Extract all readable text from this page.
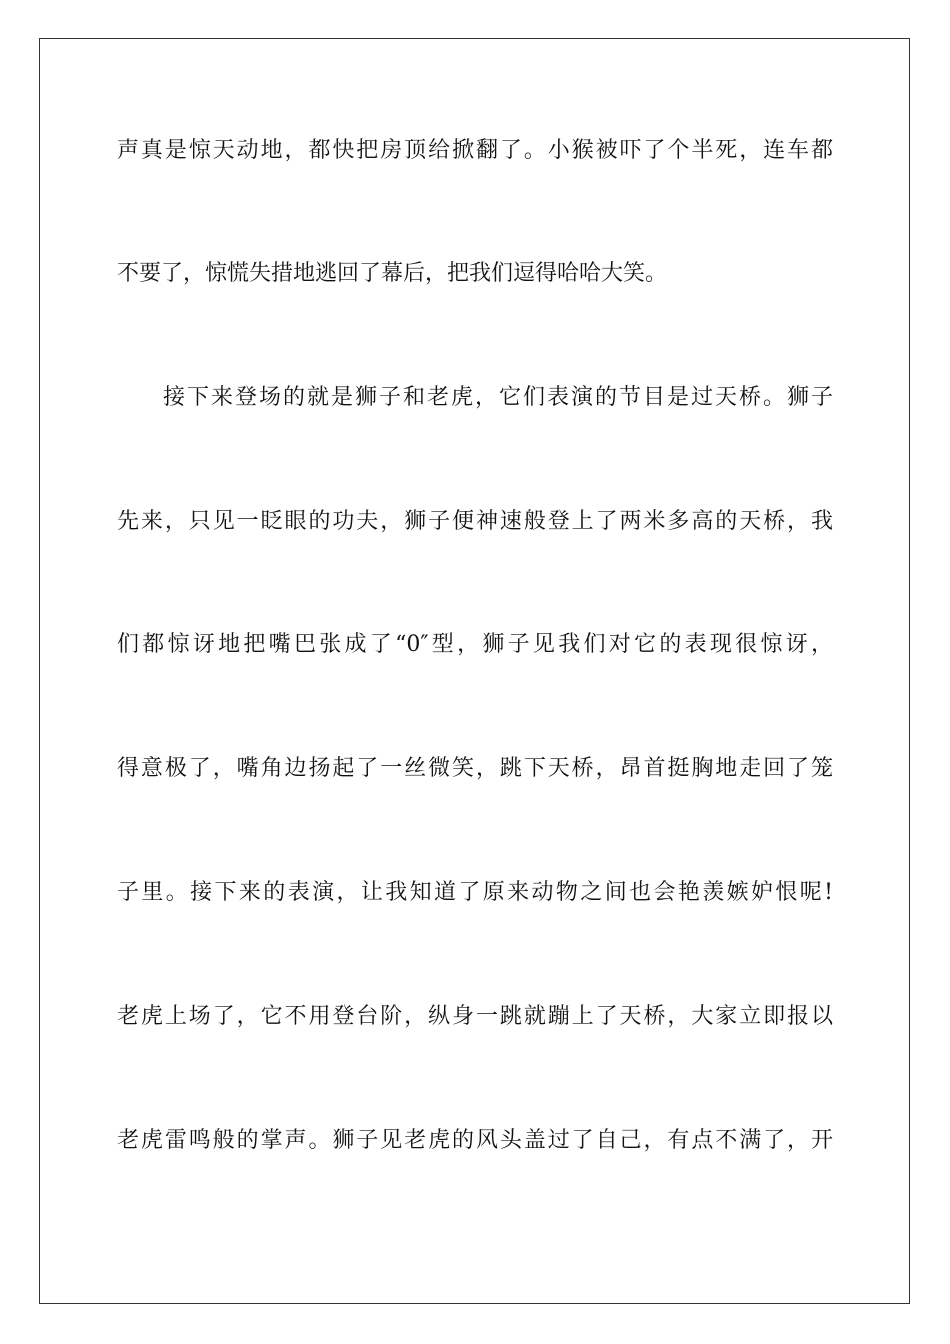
声真是惊天动地，都快把房顶给掀翻了。小猴被吓了个半死，连车都
不要了，惊慌失措地逃回了幕后，把我们逗得哈哈大笑。
接下来登场的就是狮子和老虎，它们表演的节目是过天桥。狮子
先来，只见一眨眼的功夫，狮子便神速般登上了两米多高的天桥，我
们都惊讶地把嘴巴张成了“0″型，狮子见我们对它的表现很惊讶，
得意极了，嘴角边扬起了一丝微笑，跳下天桥，昂首挺胸地走回了笼
子里。接下来的表演，让我知道了原来动物之间也会艳羡嫉妒恨呢!
老虎上场了，它不用登台阶，纵身一跳就蹦上了天桥，大家立即报以
老虎雷鸣般的掌声。狮子见老虎的风头盖过了自己，有点不满了，开
